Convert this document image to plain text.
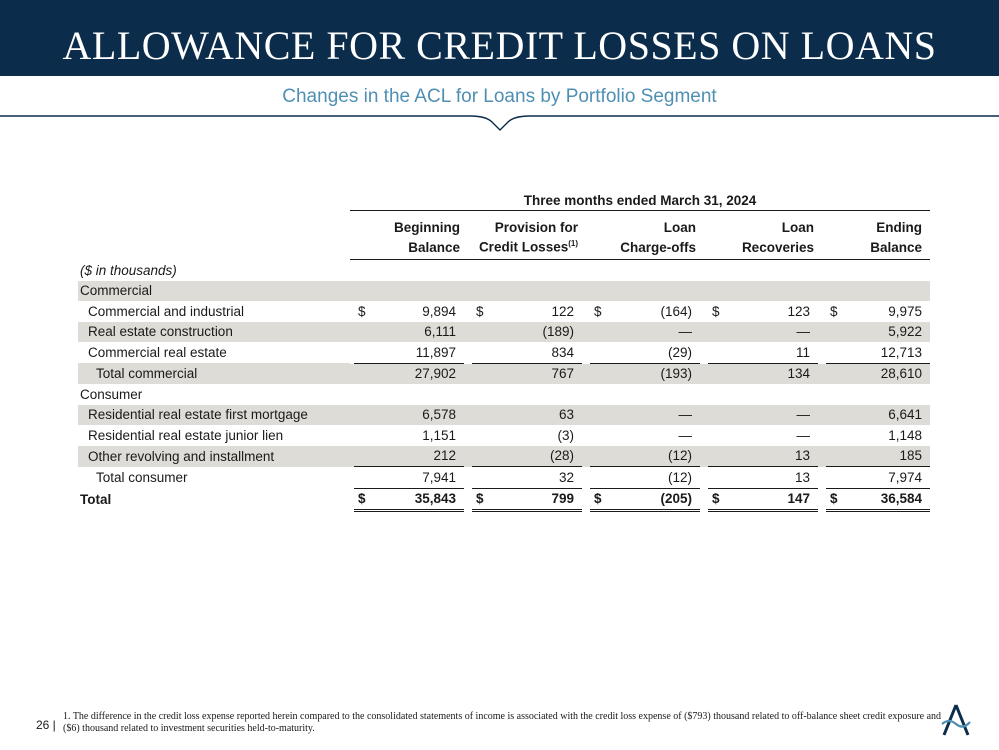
ALLOWANCE FOR CREDIT LOSSES ON LOANS
Changes in the ACL for Loans by Portfolio Segment
		Three months ended March 31, 2024				
		Beginning	Provision for	Loan	Loan	Ending
		Balance	Credit Losses$^{(1)}$	Charge-offs	Recoveries	Balance
($ in thousands)						
Commercial		

Commercial and industrial		$ 9,894	$ 122	$ (164)	$ 123	$ 9,975

Real estate construction		6,111	(189)	—	—	5,922

Commercial real estate		11,897	834	(29)	11	12,713

Total commercial		27,902	767	(193)	134	28,610

Consumer		

Residential real estate first mortgage		6,578	63	—	—	6,641

Residential real estate junior lien		1,151	(3)	—	—	1,148

Other revolving and installment		212	(28)	(12)	13	185

Total consumer		7,941	32	(12)	13	7,974

Total		$ 35,843	$ 799	$ (205)	$ 147	$ 36,584
26 |
1. The difference in the credit loss expense reported herein compared to the consolidated statements of income is associated with the credit loss expense of ($793) thousand related to off-balance sheet credit exposure and ($6) thousand related to investment securities held-to-maturity.
